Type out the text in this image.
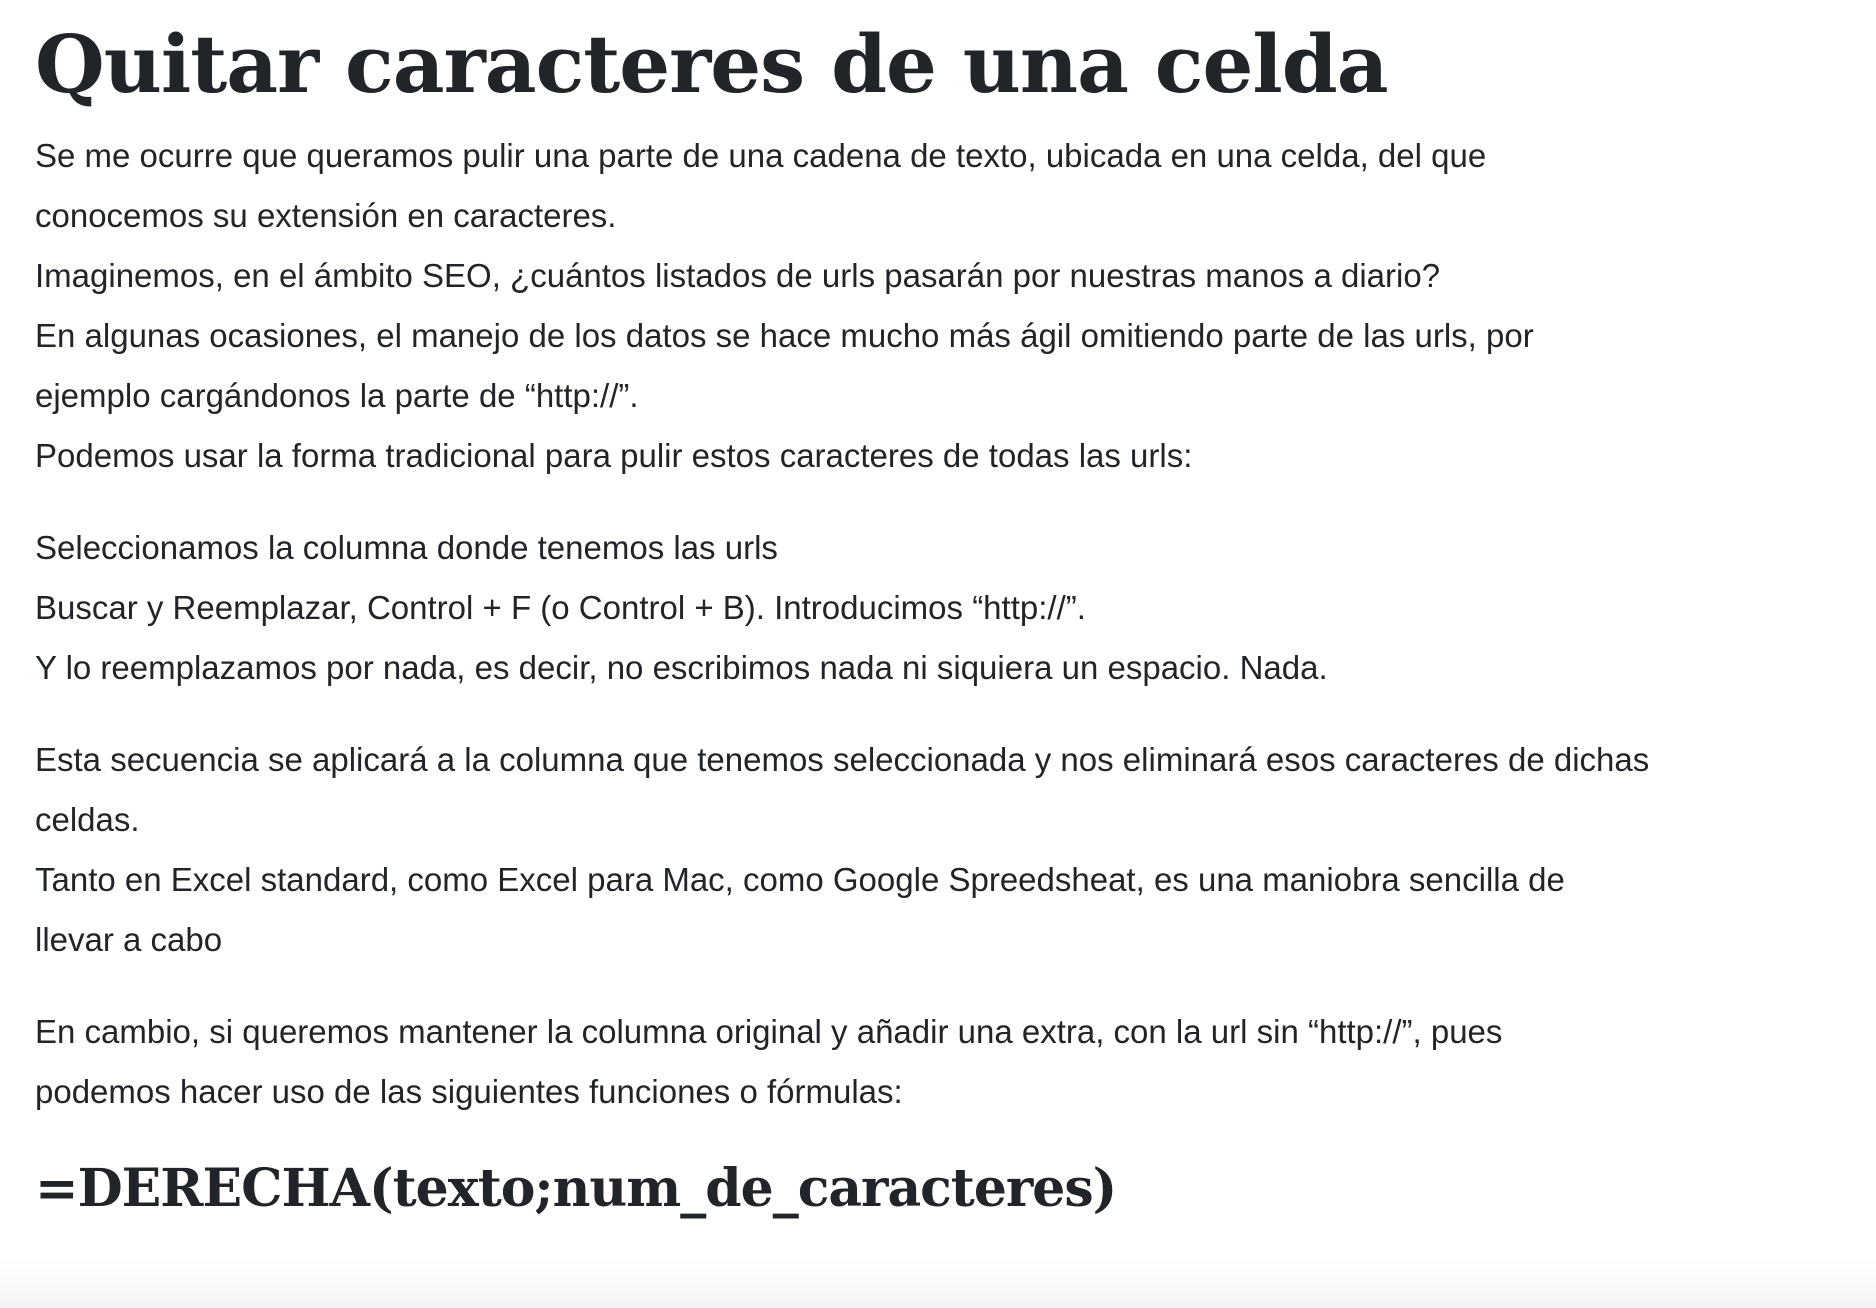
Quitar caracteres de una celda

Se me ocurre que queramos pulir una parte de una cadena de texto, ubicada en una celda, del que
conocemos su extensión en caracteres.
Imaginemos, en el ámbito SEO, ¿cuántos listados de urls pasarán por nuestras manos a diario?
En algunas ocasiones, el manejo de los datos se hace mucho más ágil omitiendo parte de las urls, por
ejemplo cargándonos la parte de “http://”.
Podemos usar la forma tradicional para pulir estos caracteres de todas las urls:

Seleccionamos la columna donde tenemos las urls
Buscar y Reemplazar, Control + F (o Control + B). Introducimos “http://”.
Y lo reemplazamos por nada, es decir, no escribimos nada ni siquiera un espacio. Nada.

Esta secuencia se aplicará a la columna que tenemos seleccionada y nos eliminará esos caracteres de dichas
celdas.
Tanto en Excel standard, como Excel para Mac, como Google Spreedsheat, es una maniobra sencilla de
llevar a cabo

En cambio, si queremos mantener la columna original y añadir una extra, con la url sin “http://”, pues
podemos hacer uso de las siguientes funciones o fórmulas:

=DERECHA(texto;num_de_caracteres)
